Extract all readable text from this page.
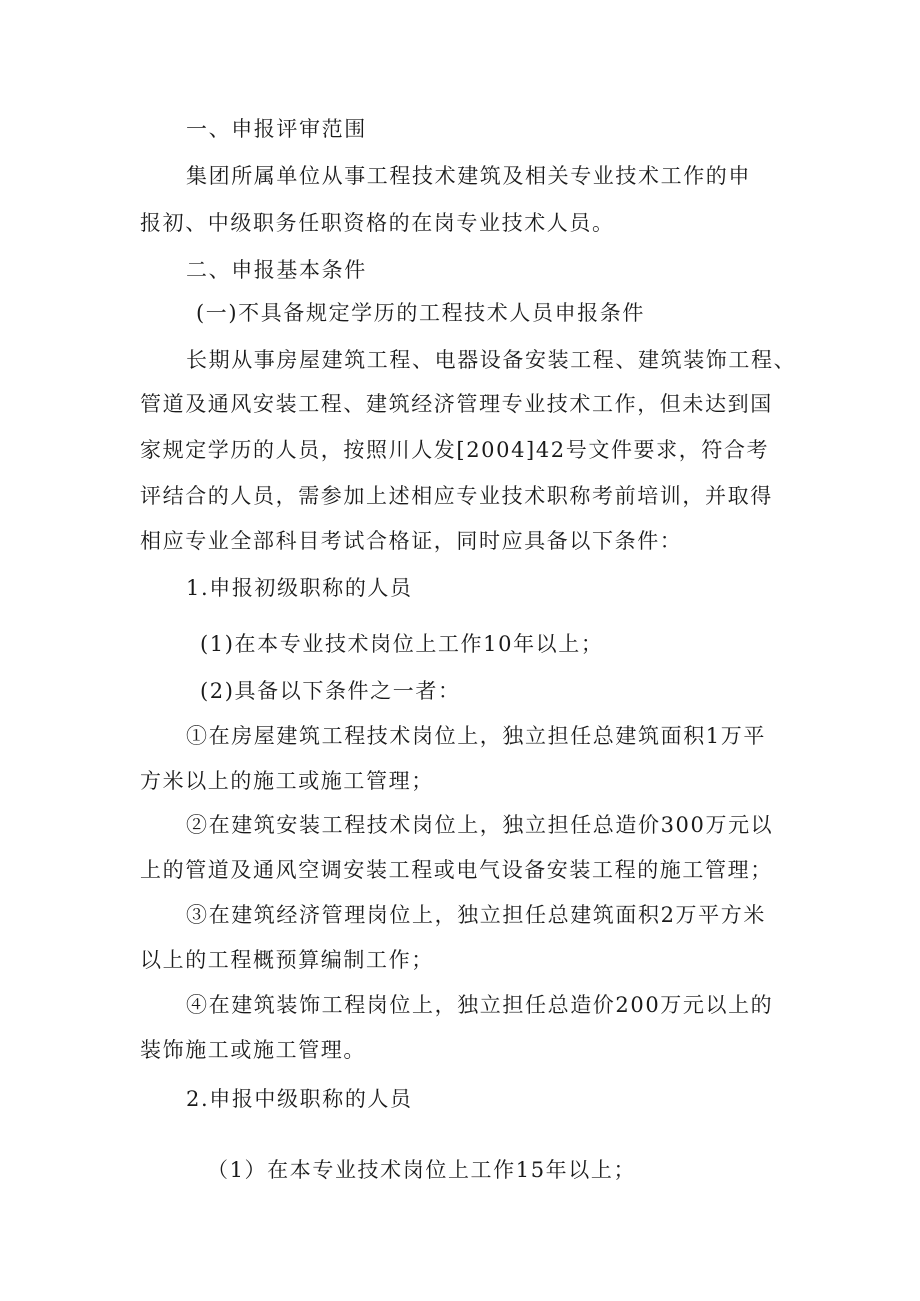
一、申报评审范围
集团所属单位从事工程技术建筑及相关专业技术工作的申
报初、中级职务任职资格的在岗专业技术人员。
二、申报基本条件
(一)不具备规定学历的工程技术人员申报条件
长期从事房屋建筑工程、电器设备安装工程、建筑装饰工程、
管道及通风安装工程、建筑经济管理专业技术工作，但未达到国
家规定学历的人员，按照川人发[2004]42号文件要求，符合考
评结合的人员，需参加上述相应专业技术职称考前培训，并取得
相应专业全部科目考试合格证，同时应具备以下条件：
1.申报初级职称的人员
(1)在本专业技术岗位上工作10年以上；
(2)具备以下条件之一者：
①在房屋建筑工程技术岗位上，独立担任总建筑面积1万平
方米以上的施工或施工管理；
②在建筑安装工程技术岗位上，独立担任总造价300万元以
上的管道及通风空调安装工程或电气设备安装工程的施工管理；
③在建筑经济管理岗位上，独立担任总建筑面积2万平方米
以上的工程概预算编制工作；
④在建筑装饰工程岗位上，独立担任总造价200万元以上的
装饰施工或施工管理。
2.申报中级职称的人员
（1）在本专业技术岗位上工作15年以上；
